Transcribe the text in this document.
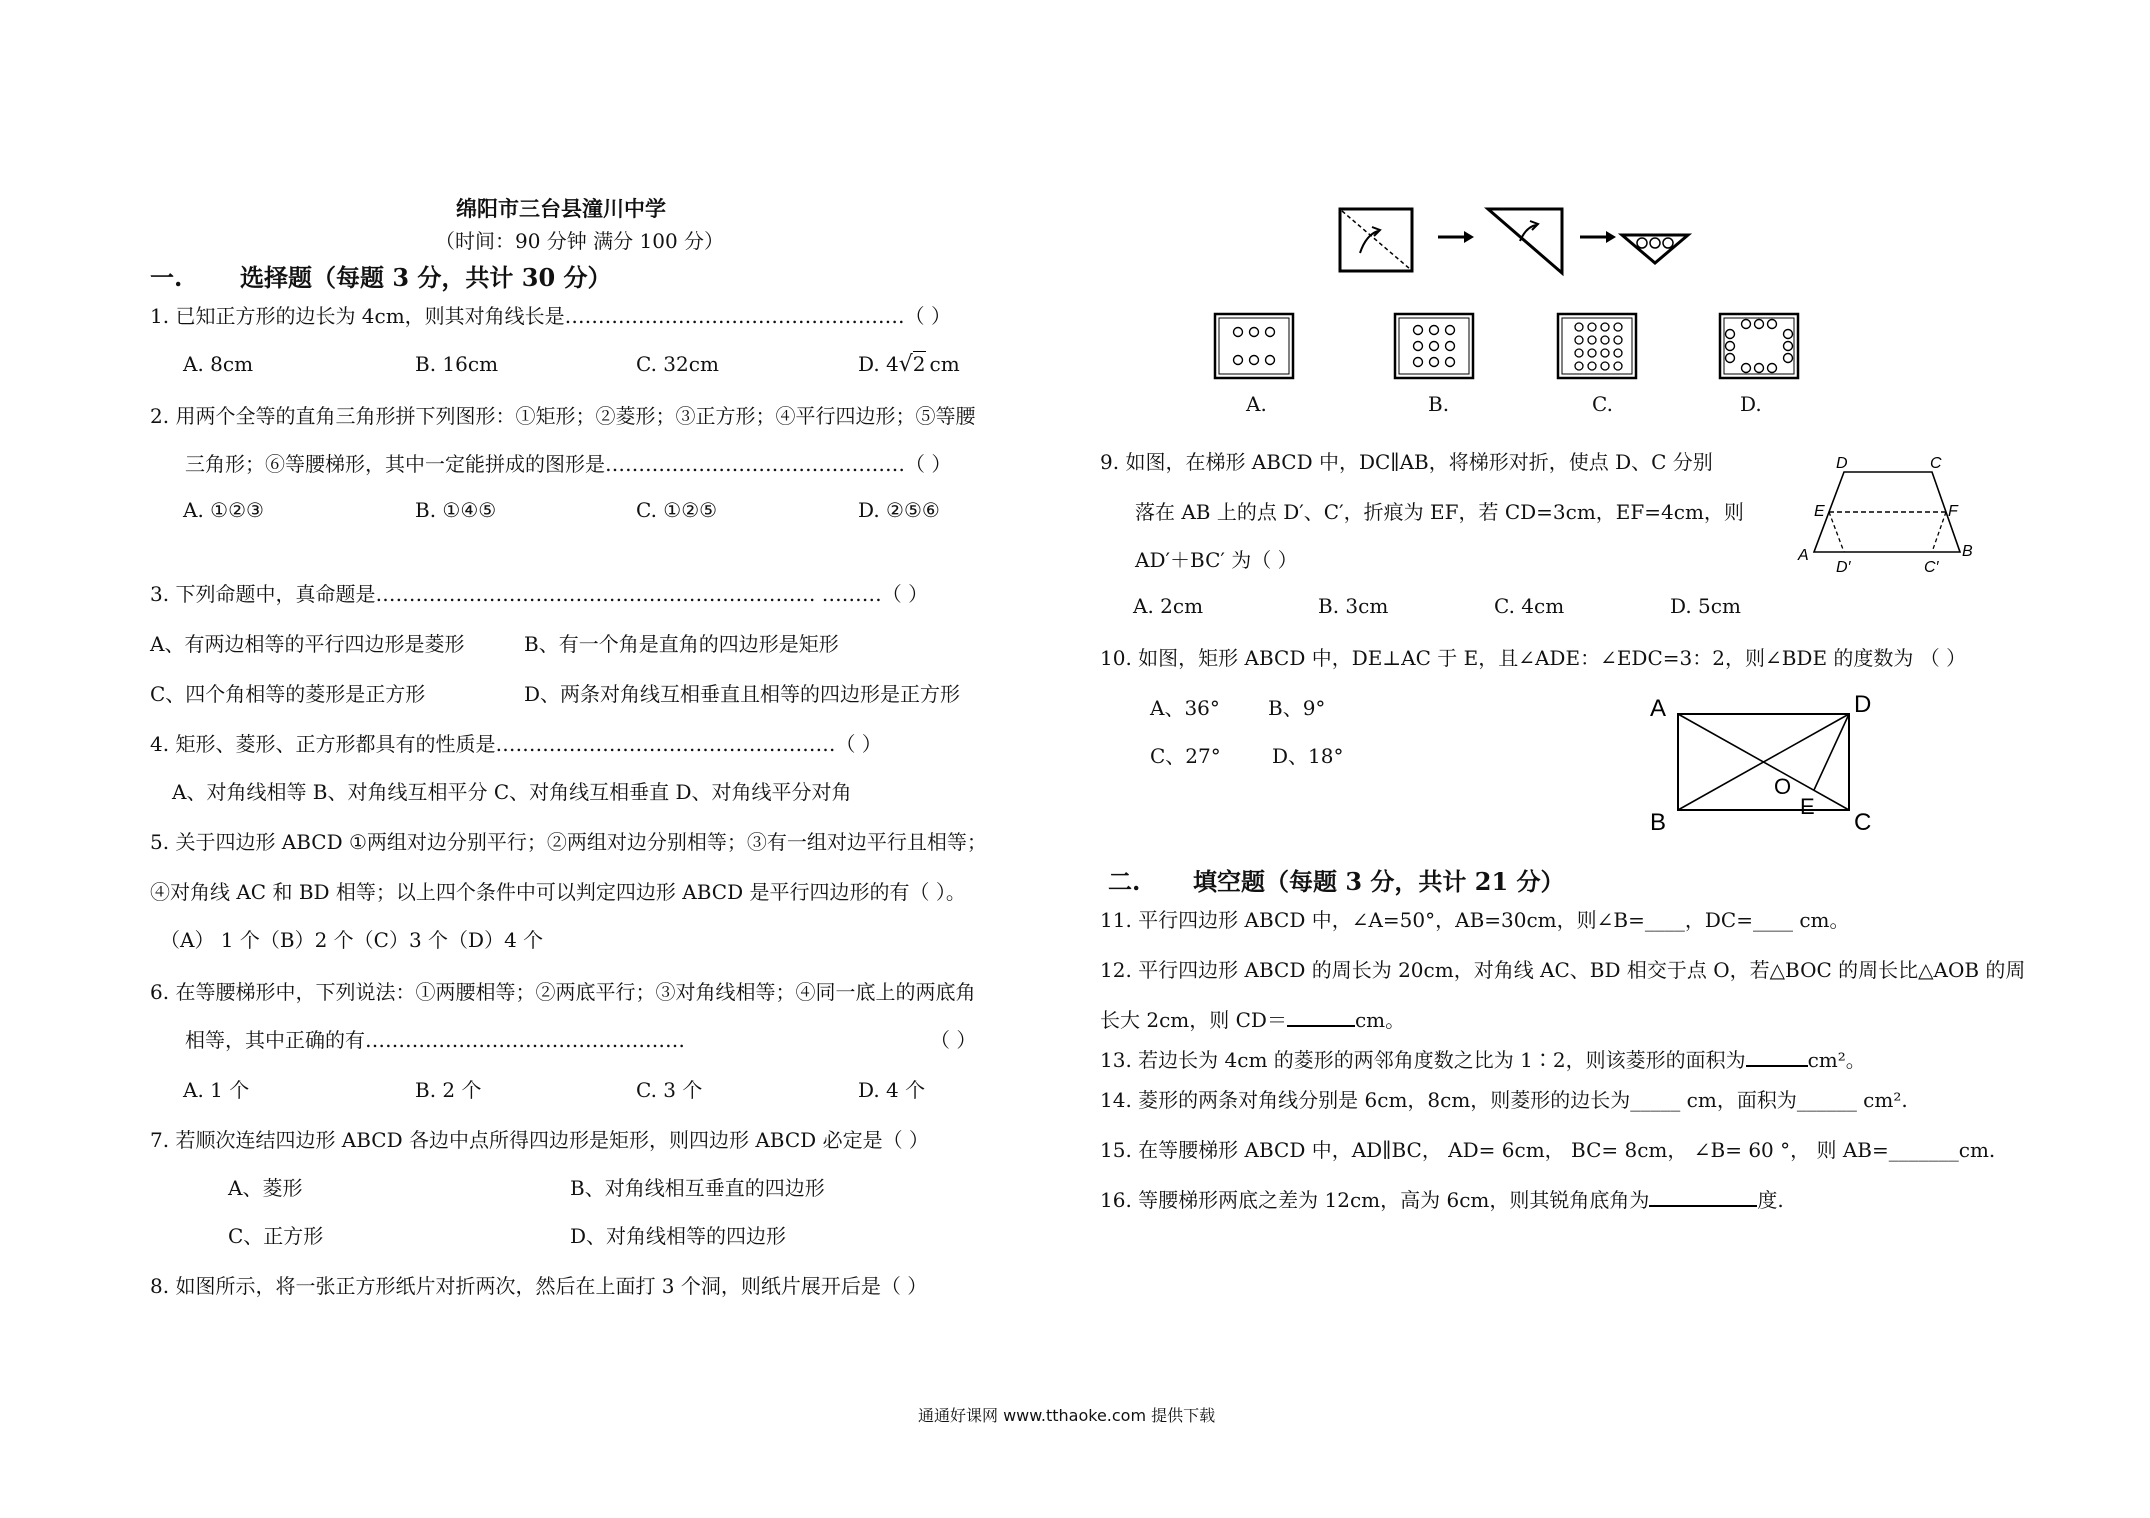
绵阳市三台县潼川中学
（时间：90 分钟 满分 100 分）
一. 选择题（每题 3 分，共计 30 分）
1. 已知正方形的边长为 4cm，则其对角线长是……………………………………………（ ）
A. 8cm	B. 16cm	C. 32cm	D. 4√2 cm
2. 用两个全等的直角三角形拼下列图形：①矩形；②菱形；③正方形；④平行四边形；⑤等腰
三角形；⑥等腰梯形，其中一定能拼成的图形是………………………………………（ ）
A. ①②③	B. ①④⑤	C. ①②⑤	D. ②⑤⑥
3. 下列命题中，真命题是………………………………………………………… ………（ ）
A、有两边相等的平行四边形是菱形	B、有一个角是直角的四边形是矩形
C、四个角相等的菱形是正方形	D、两条对角线互相垂直且相等的四边形是正方形
4. 矩形、菱形、正方形都具有的性质是……………………………………………（ ）
A、对角线相等 B、对角线互相平分 C、对角线互相垂直 D、对角线平分对角
5. 关于四边形 ABCD ①两组对边分别平行；②两组对边分别相等；③有一组对边平行且相等；
④对角线 AC 和 BD 相等；以上四个条件中可以判定四边形 ABCD 是平行四边形的有（ ）。
（A） 1 个（B）2 个（C）3 个（D）4 个
6. 在等腰梯形中，下列说法：①两腰相等；②两底平行；③对角线相等；④同一底上的两底角
相等，其中正确的有…………………………………………	（ ）
A. 1 个	B. 2 个	C. 3 个	D. 4 个
7. 若顺次连结四边形 ABCD 各边中点所得四边形是矩形，则四边形 ABCD 必定是（ ）
A、菱形	B、对角线相互垂直的四边形
C、正方形	D、对角线相等的四边形
8. 如图所示，将一张正方形纸片对折两次，然后在上面打 3 个洞，则纸片展开后是（ ）
A.	B.	C.	D.
9. 如图，在梯形 ABCD 中，DC∥AB，将梯形对折，使点 D、C 分别
落在 AB 上的点 D′、C′，折痕为 EF，若 CD=3cm，EF=4cm，则
AD′＋BC′ 为（ ）
A. 2cm	B. 3cm	C. 4cm	D. 5cm
D	C
E	F
A
D′	C′
B
10. 如图，矩形 ABCD 中，DE⊥AC 于 E，且∠ADE：∠EDC=3：2，则∠BDE 的度数为 （ ）
A、36° B、9°
C、27°	D、18°
A	D
B	C
O
E
二. 填空题（每题 3 分，共计 21 分）
11. 平行四边形 ABCD 中，∠A=50°，AB=30cm，则∠B=____，DC=____ cm。
12. 平行四边形 ABCD 的周长为 20cm，对角线 AC、BD 相交于点 O，若△BOC 的周长比△AOB 的周
长大 2cm，则 CD＝	cm。
13. 若边长为 4cm 的菱形的两邻角度数之比为 1∶2，则该菱形的面积为	cm²。
14. 菱形的两条对角线分别是 6cm，8cm，则菱形的边长为_____ cm，面积为______ cm².
15. 在等腰梯形 ABCD 中，AD∥BC， AD= 6cm， BC= 8cm， ∠B= 60 °， 则 AB=_______cm.
16. 等腰梯形两底之差为 12cm，高为 6cm，则其锐角底角为	度.
通通好课网 www.tthaoke.com 提供下载
